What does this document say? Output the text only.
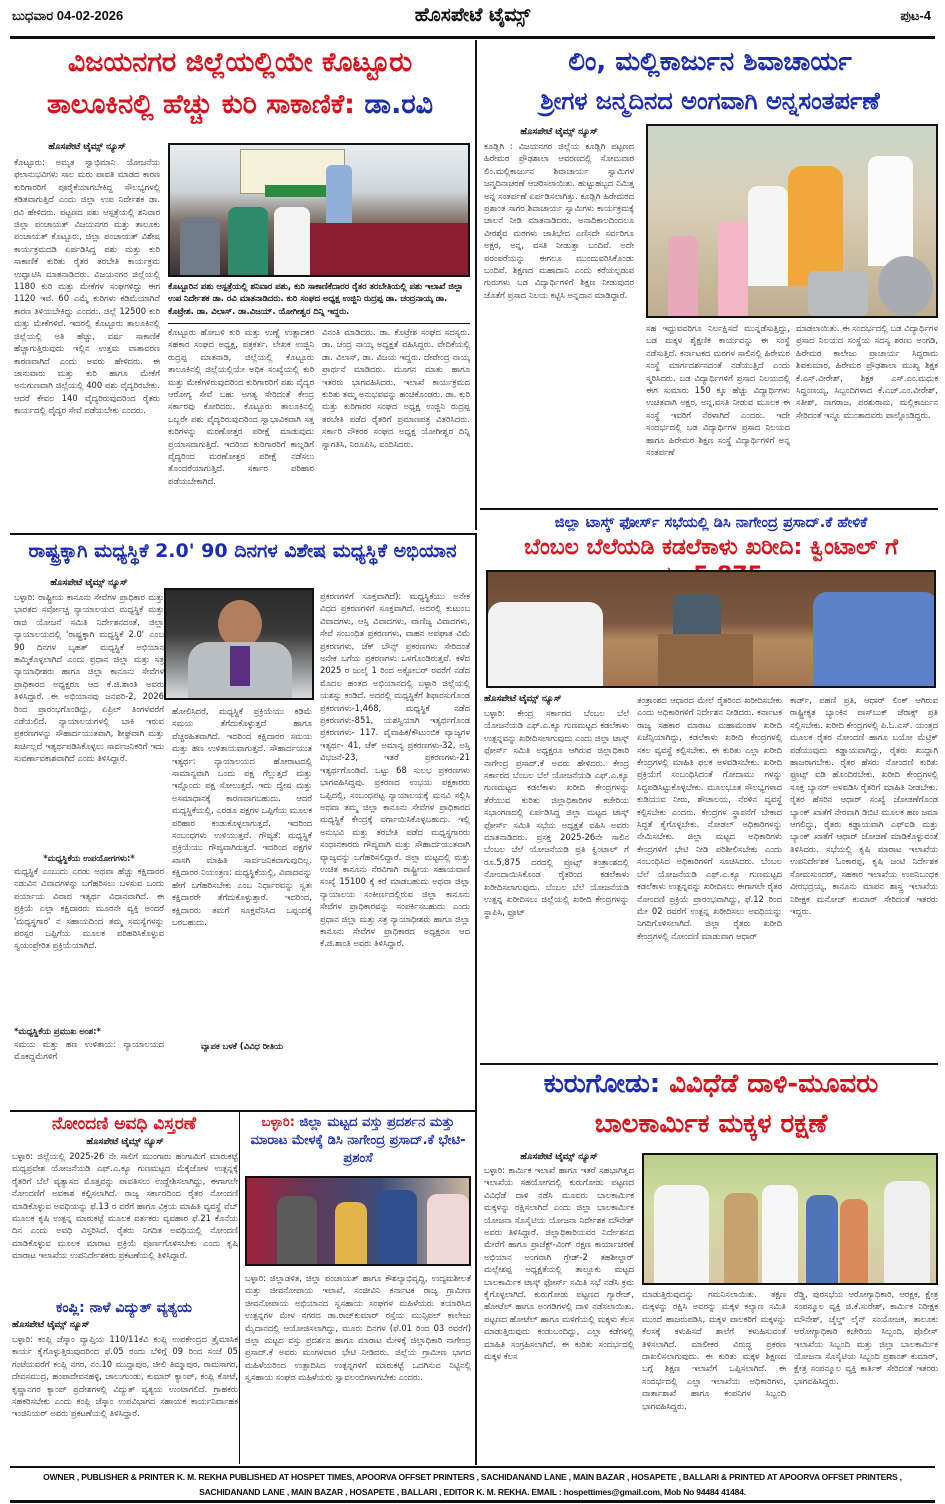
ಬುಧವಾರ 04-02-2026	ಹೊಸಪೇಟೆ ಟೈಮ್ಸ್	ಪುಟ-4
ವಿಜಯನಗರ ಜಿಲ್ಲೆಯಲ್ಲಿಯೇ ಕೊಟ್ಟೂರು
ತಾಲೂಕಿನಲ್ಲಿ ಹೆಚ್ಚು ಕುರಿ ಸಾಕಾಣಿಕೆ: ಡಾ.ರವಿ
ಹೊಸಪೇಟೆ ಟೈಮ್ಸ್ ನ್ಯೂಸ್
ಕೊಟ್ಟೂರು: ಅಮೃತ ಸ್ವಾಭಿಮಾನಿ ಯೋಜನೆಯ ಫಲಾನುಭವಿಗಳು ಸಾಲ ಮರು ಪಾವತಿ ಮಾಡದ ಕಾರಣ ಕುರಿಗಾರರಿಗೆ ಪೂರೈಕೆಯಾಗಬೇಕಿದ್ದ ಸೌಲಭ್ಯಗಳಲ್ಲಿ ಕಡಿತವಾಗುತ್ತಿದೆ ಎಂದು ಜಿಲ್ಲಾ ಉಪ ನಿರ್ದೇಶಕ ಡಾ. ರವಿ ಹೇಳಿದರು. ಪಟ್ಟಣದ ಪಶು ಆಸ್ಪತ್ರೆಯಲ್ಲಿ ಶನಿವಾರ ಜಿಲ್ಲಾ ಪಂಚಾಯತ್ ವಿಜಯನಗರ ಮತ್ತು ತಾಲೂಕು ಪಂಚಾಯತ್ ಕೊಟ್ಟೂರು, ಜಿಲ್ಲಾ ಪಂಚಾಯತ್ ವಿಶೇಷ ಕಾರ್ಯಕ್ರಮದಡಿ ಏರ್ಪಡಿಸಿದ್ದ ಪಶು ಮತ್ತು ಕುರಿ ಸಾಕಾಣಿಕೆ ಕುರಿತು ರೈತರ ತರಬೇತಿ ಕಾರ್ಯಕ್ರಮ ಉದ್ಘಾಟಿಸಿ ಮಾತನಾಡಿದರು. ವಿಜಯನಗರ ಜಿಲ್ಲೆಯಲ್ಲಿ 1180 ಕುರಿ ಮತ್ತು ಮೇಕೆಗಳ ಸಂಘಗಳಿದ್ದು ಈಗ 1120 ಇವೆ. 60 ಎಮ್ಮೆ ಕುರಿಗಳು ಕಡಿಮೆಯಾಗಿವೆ ಕಾರಣ ತಿಳಿಯಬೇಕಿದ್ದು ಎಂದರು. ಜಿಲ್ಲೆ 12500 ಕುರಿ ಮತ್ತು ಮೇಕೆಗಳಿವೆ. ಇದರಲ್ಲಿ ಕೊಟ್ಟೂರು ತಾಲೂಕಿನಲ್ಲಿ ಜಿಲ್ಲೆಯಲ್ಲಿ ಅತಿ ಹೆಚ್ಚು, ವರ್ಷ ಸಾಕಾಣಿಕೆ ಹೆಚ್ಚಾಗುತ್ತಿರುವುದು ಇಲ್ಲಿನ ಉತ್ತಮ ವಾತಾವರಣ ಕಾರಣವಾಗಿದೆ ಎಂದು ಅವರು ಹೇಳಿದರು. ಈ ಜಾನುವಾರು ಮತ್ತು ಕುರಿ ಹಾಗೂ ಮೇಕೆಗೆ ಅನುಗುಣವಾಗಿ ಜಿಲ್ಲೆಯಲ್ಲಿ 400 ಪಶು ವೈದ್ಯರಿರಬೇಕು. ಆದರೆ ಕೇವಲ 140 ವೈದ್ಯರಿರುವುದರಿಂದ ರೈತರು ಕಾರ್ಯದಲ್ಲಿ ವೈದ್ಯರ ಸೇವೆ ಪಡೆಯಬೇಕು ಎಂದರು.
ಕೊಟ್ಟೂರಿನ ಪಶು ಆಸ್ಪತ್ರೆಯಲ್ಲಿ ಶನಿವಾರ ಪಶು, ಕುರಿ ಸಾಕಾಣಿಕೆದಾರರ ರೈತರ ತರಬೇತಿಯಲ್ಲಿ ಪಶು ಇಲಾಖೆ ಜಿಲ್ಲಾ ಉಪ ನಿರ್ದೇಶಕ ಡಾ. ರವಿ ಮಾತನಾಡಿದರು. ಕುರಿ ಸಂಘದ ಅಧ್ಯಕ್ಷ ಉಜ್ಜಿನಿ ರುದ್ರಪ್ಪ ಡಾ. ಚಂದ್ರನಾಯ್ಕ ಡಾ. ಕೊಟ್ರೇಶ. ಡಾ. ವಿಲಾಸ್. ಡಾ.ವಿಜಯ್. ಯೋಗೀಶ್ವರ ದಿನ್ನಿ ಇದ್ದರು.
ಕೊಟ್ಟೂರು ಹೋಬಳಿ ಕುರಿ ಮತ್ತು ಉಣ್ಣೆ ಉತ್ಪಾದಕರ ಸಹಕಾರ ಸಂಘದ ಅಧ್ಯಕ್ಷ, ಪತ್ರಕರ್ತ. ಲೇಖಕ ಉಜ್ಜಿನಿ ರುದ್ರಪ್ಪ ಮಾತನಾಡಿ, ಜಿಲ್ಲೆಯಲ್ಲಿ ಕೊಟ್ಟೂರು ತಾಲೂಕಿನಲ್ಲಿ ಜಿಲ್ಲೆಯಲ್ಲಿಯೇ ಅಧಿಕ ಸಂಖ್ಯೆಯಲ್ಲಿ ಕುರಿ ಮತ್ತು ಮೇಕೆಗಳಿರುವುದರಿಂದ ಕುರಿಗಾರರಿಗೆ ಪಶು ವೈದ್ಯರ ಆರೋಗ್ಯ ಸೇವೆ ಬಹು ಅಗತ್ಯ ಸೇರಿದಂತೆ ಕೇಂದ್ರ ಸರ್ಕಾರವು ಕೋರಿದರು. ಕೊಟ್ಟೂರು ತಾಲೂಕಿನಲ್ಲಿ ಒಬ್ಬರೇ ಪಶು ವೈದ್ಯರಿರುವುದರಿಂದ ಸ್ವಾಭಾವಿಕವಾಗಿ ಸತ್ತ ಕುರಿಗಳನ್ನು ಮರಣೋತ್ತರ ಪರೀಕ್ಷೆ ಮಾಡುವುದು ಪ್ರಯಾಸವಾಗುತ್ತಿದೆ. ಇದರಿಂದ ಕುರಿಗಾರರಿಗೆ ಕಾಲ್ನಡಿಗೆ ವೈದ್ಯರಿಂದ ಮರಣೋತ್ತರ ಪರೀಕ್ಷೆ ನಡೆಸಲು ತೊಂದರೆಯಾಗುತ್ತಿದೆ. ಸರ್ಕಾರ ಪರಿಹಾರ ಪಡೆಯಬೇಕಾಗಿದೆ.
ವಿನಂತಿ ಮಾಡಿದರು. ಡಾ. ಕೊಟ್ರೇಶ ಸಂಘದ ಸದಸ್ಯರು. ಡಾ. ಚಂದ್ರ ನಾಯ್ಕ ಅಧ್ಯಕ್ಷತೆ ವಹಿಸಿದ್ದರು. ವೇದಿಕೆಯಲ್ಲಿ ಡಾ. ವಿಲಾಸ್, ಡಾ. ವಿಜಯ ಇದ್ದರು. ದೇವೇಂದ್ರ ನಾಯ್ಕ ಪ್ರಾರ್ಥನೆ ಮಾಡಿದರು. ಮೂಗನ ಮಾತು ಹಾಗೂ ಇತರರು ಭಾಗವಹಿಸಿದರು. ಇಲಾಖೆ ಕಾರ್ಯಕ್ರಮದ ಕುರಿತು ತಮ್ಮ ಅನುಭವವನ್ನು ಹಂಚಿಕೊಂಡರು. ಡಾ. ಕುರಿ ಮತ್ತು ಕುರಿಗಾರರ ಸಂಘದ ಅಧ್ಯಕ್ಷ ಉಜ್ಜಿನಿ ರುದ್ರಪ್ಪ ತರಬೇತಿ ಪಡೆದ ರೈತರಿಗೆ ಪ್ರಮಾಣಪತ್ರ ವಿತರಿಸಿದರು. ಸರ್ಕಾರಿ ನೌಕರರ ಸಂಘದ ಅಧ್ಯಕ್ಷ ಯೋಗೀಶ್ವರ ದಿನ್ನಿ ಸ್ವಾಗತಿಸಿ, ನಿರೂಪಿಸಿ, ವಂದಿಸಿದರು.
ಲಿಂ, ಮಲ್ಲಿಕಾರ್ಜುನ ಶಿವಾಚಾರ್ಯ
ಶ್ರೀಗಳ ಜನ್ಮದಿನದ ಅಂಗವಾಗಿ ಅನ್ನಸಂತರ್ಪಣೆ
ಹೊಸಪೇಟೆ ಟೈಮ್ಸ್ ನ್ಯೂಸ್
ಕೂಡ್ಲಿಗಿ : ವಿಜಯನಗರ ಜಿಲ್ಲೆಯ ಕೂಡ್ಲಿಗಿ ಪಟ್ಟಣದ ಹಿರೇಮಠ ಪ್ರೌಢಶಾಲಾ ಆವರಣದಲ್ಲಿ ಸೋಮವಾರ ಲಿಂ.ಮಲ್ಲಿಕಾರ್ಜುನ ಶಿವಾಚಾರ್ಯ ಸ್ವಾಮಿಗಳ ಜನ್ಮದಿನಾಚರಣೆ ಆಚರಿಸಲಾಯಿತು. ಹುಟ್ಟುಹಬ್ಬದ ನಿಮಿತ್ತ ಅನ್ನ ಸಂತರ್ಪಣೆ ಏರ್ಪಡಿಸಲಾಗಿತ್ತು. ಕೂಡ್ಲಿಗಿ ಹಿರೇಮಠದ ಪ್ರಶಾಂತ ಸಾಗರ ಶಿವಾಚಾರ್ಯ ಸ್ವಾಮಿಗಳು ಕಾರ್ಯಕ್ರಮಕ್ಕೆ ಚಾಲನೆ ನೀಡಿ ಮಾತನಾಡಿದರು. ಅನಾದಿಕಾಲದಿಂದಲೂ ವೀರಶೈವ ಮಠಗಳು ಜಾತಿಭೇದ ಎಣಿಸದೇ ಸರ್ವರಿಗೂ ಅಕ್ಷರ, ಅನ್ನ, ವಸತಿ ನೀಡುತ್ತಾ ಬಂದಿವೆ. ಅದೇ ಪರಂಪರೆಯನ್ನು ಈಗಲೂ ಮುಂದುವರಿಸಿಕೊಂಡು ಬಂದಿವೆ. ಶಿಕ್ಷಣದ ಮಹಾದಾನಿ ಎಂದು ಕರೆಯಲ್ಪಡುವ ಗುರುಗಳು ಬಡ ವಿದ್ಯಾರ್ಥಿಗಳಿಗೆ ಶಿಕ್ಷಣ ನೀಡುವುದರ ಜೊತೆಗೆ ಪ್ರಸಾದ ನಿಲಯ ಕಟ್ಟಿಸಿ ಅನ್ನದಾನ ಮಾಡಿದ್ದಾರೆ.
ಸಹ ಇದ್ದುವವರಿಗೂ ನಿರ್ಲಕ್ಷಿಸದೆ ಮುನ್ನಡೆಸುತ್ತಿದ್ದು, ಬಡ ಮಕ್ಕಳ ಶೈಕ್ಷಣಿಕ ಕಾರ್ಯವನ್ನು ಈ ಸಂಸ್ಥೆ ನಡೆಸುತ್ತಿದೆ. ಕರ್ನಾಟಕದ ಮಠಗಳ ಸಾಲಿನಲ್ಲಿ ಹಿರೇಮಠ ಸಂಸ್ಥೆ ಮಾರ್ಗದರ್ಶನದಂತೆ ನಡೆಯುತ್ತಿದೆ ಎಂದು ಸ್ಮರಿಸಿದರು. ಬಡ ವಿದ್ಯಾರ್ಥಿಗಳಿಗೆ ಪ್ರಸಾದ ನಿಲಯದಲ್ಲಿ ಈಗ ಸುಮಾರು 150 ಕ್ಕೂ ಹೆಚ್ಚು ವಿದ್ಯಾರ್ಥಿಗಳು ಉಚಿತವಾಗಿ ಅಕ್ಷರ, ಅನ್ನ,ವಸತಿ ನೀಡುವ ಮೂಲಕ ಈ ಸಂಸ್ಥೆ ಇವರಿಗೆ ನೆರಳಾಗಿದೆ ಎಂದರು. ಇದೇ ಸಂದರ್ಭದಲ್ಲಿ ಬಡ ವಿದ್ಯಾರ್ಥಿಗಳ ಪ್ರಸಾದ ನಿಲಯದ ಹಾಗೂ ಹಿರೇಮಠ ಶಿಕ್ಷಣ ಸಂಸ್ಥೆ ವಿದ್ಯಾರ್ಥಿಗಳಿಗೆ ಅನ್ನ ಸಂತರ್ಪಣೆ
ಮಾಡಲಾಯಿತು. ಈ ಸಂದರ್ಭದಲ್ಲಿ ಬಡ ವಿದ್ಯಾರ್ಥಿಗಳ ಪ್ರಸಾದ ನಿಲಯದ ಸಂಸ್ಥೆಯ ಸದಸ್ಯ ಶರಣು ಅಂಗಡಿ, ಹಿರೇಮಠ ಕಾಲೇಜು ಪ್ರಾಚಾರ್ಯ ಸಿದ್ದರಾಮ ಶಿವಕುಮಾರ, ಹಿರೇಮಠ ಪ್ರೌಢಶಾಲಾ ಮುಖ್ಯ ಶಿಕ್ಷಕ ಕೆ.ಎಸ್.ವೀರೇಶ್, ಶಿಕ್ಷಕ ಎಸ್.ಎಂ.ಮಧುಕ ಸಿದ್ದಂಣಯ್ಯ, ಸಿಬ್ಬಂದಿಗಳಾದ ಕೆ.ಎಚ್.ಎಂ.ವೀರೇಶ್, ಸತೀಶ್, ನಾಗರಾಜ, ಪರಶುರಾಮ, ಮಲ್ಲಿಕಾರ್ಜುನ ಸೇರಿದಂತೆ ಇನ್ನೂ ಮುಂತಾದವರು ಪಾಲ್ಗೊಂಡಿದ್ದರು.
ಜಿಲ್ಲಾ ಟಾಸ್ಕ್ ಫೋರ್ಸ್ ಸಭೆಯಲ್ಲಿ ಡಿಸಿ ನಾಗೇಂದ್ರ ಪ್ರಸಾದ್.ಕೆ ಹೇಳಿಕೆ
ಬೆಂಬಲ ಬೆಲೆಯಡಿ ಕಡಲೆಕಾಳು ಖರೀದಿ: ಕ್ವಿಂಟಾಲ್ ಗೆ
ಹೊಸಪೇಟೆ ಟೈಮ್ಸ್ ನ್ಯೂಸ್
ಬಳ್ಳಾರಿ: ಕೇಂದ್ರ ಸರ್ಕಾರದ ಬೆಂಬಲ ಬೆಲೆ ಯೋಜನೆಯಡಿ ಎಫ್.ಎ.ಕ್ಯೂ ಗುಣಮಟ್ಟದ ಕಡಲೆಕಾಳು ಉತ್ಪನ್ನವನ್ನು ಖರೀದಿಸಲಾಗುವುದು ಎಂದು ಜಿಲ್ಲಾ ಟಾಸ್ಕ್ ಫೋರ್ಸ್ ಸಮಿತಿ ಅಧ್ಯಕ್ಷರೂ ಆಗಿರುವ ಜಿಲ್ಲಾಧಿಕಾರಿ ನಾಗೇಂದ್ರ ಪ್ರಸಾದ್.ಕೆ ಅವರು ಹೇಳಿದರು. ಕೇಂದ್ರ ಸರ್ಕಾರದ ಬೆಂಬಲ ಬೆಲೆ ಯೋಜನೆಯಡಿ ಎಫ್.ಎ.ಕ್ಯೂ ಗುಣಮಟ್ಟದ ಕಡಲೆಕಾಳು ಖರೀದಿ ಕೇಂದ್ರಗಳನ್ನು ತೆರೆಯುವ ಕುರಿತು ಜಿಲ್ಲಾಧಿಕಾರಿಗಳ ಕಚೇರಿಯ ಸಭಾಂಗಣದಲ್ಲಿ ಏರ್ಪಡಿಸಿದ್ದ ಜಿಲ್ಲಾ ಮಟ್ಟದ ಟಾಸ್ಕ್ ಫೋರ್ಸ್ ಸಮಿತಿ ಸಭೆಯ ಅಧ್ಯಕ್ಷತೆ ವಹಿಸಿ ಅವರು ಮಾತನಾಡಿದರು. ಪ್ರಸಕ್ತ 2025-26ನೇ ಸಾಲಿನ ಬೆಂಬಲ ಬೆಲೆ ಯೋಜನೆಯಡಿ ಪ್ರತಿ ಕ್ವಿಂಟಾಲ್ ಗೆ ರೂ.5,875 ದರದಲ್ಲಿ ಪ್ರೂಟ್ಸ್ ತಂತ್ರಾಂಶದಲ್ಲಿ ನೋಂದಾಯಿಸಿಕೊಂಡ ರೈತರಿಂದ ಕಡಲೆಕಾಳು ಖರೀದಿಸಲಾಗುವುದು. ಬೆಂಬಲ ಬೆಲೆ ಯೋಜನೆಯಡಿ ಉತ್ಪನ್ನ ಖರೀದಿಸಲು ಜಿಲ್ಲೆಯಲ್ಲಿ ಖರೀದಿ ಕೇಂದ್ರಗಳನ್ನು ಸ್ಥಾಪಿಸಿ, ಫ್ರೂಟ್
ತಂತ್ರಾಂಶದ ಆಧಾರದ ಮೇಲೆ ರೈತರಿಂದ ಖರೀದಿಸಬೇಕು ಎಂದು ಅಧಿಕಾರಿಗಳಿಗೆ ನಿರ್ದೇಶನ ನೀಡಿದರು. ಕರ್ನಾಟಕ ರಾಜ್ಯ ಸಹಕಾರ ಮಾರಾಟ ಮಹಾಮಂಡಳ ಖರೀದಿ ಏಜೆನ್ಸಿಯಾಗಿದ್ದು, ಕಡಲೆಕಾಳು ಖರೀದಿ ಕೇಂದ್ರಗಳಲ್ಲಿ ಸಕಲ ವ್ಯವಸ್ಥೆ ಕಲ್ಪಿಸಬೇಕು. ಈ ಕುರಿತು ಎಲ್ಲಾ ಖರೀದಿ ಕೇಂದ್ರಗಳಲ್ಲಿ ಮಾಹಿತಿ ಫಲಕ ಅಳವಡಿಸಬೇಕು. ಖರೀದಿ ಪ್ರಕ್ರಿಯೆಗೆ ಸಂಬಂಧಿಸಿದಂತೆ ಗೋದಾಮು ಗಳನ್ನು ಸಿದ್ಧಪಡಿಸಿಟ್ಟುಕೊಳ್ಳಬೇಕು. ಮೂಲಭೂತ ಸೌಲಭ್ಯಗಳಾದ ಕುಡಿಯುವ ನೀರು, ಶೌಚಾಲಯ, ನೆರಳಿನ ವ್ಯವಸ್ಥೆ ಕಲ್ಪಿಸಬೇಕು ಎಂದರು. ಕೇಂದ್ರಗಳ ಸ್ಥಾಪನೆಗೆ ಬೇಕಾದ ಸಿದ್ಧತೆ ಕೈಗೊಳ್ಳಬೇಕು. ನೋಡಲ್ ಅಧಿಕಾರಿಗಳನ್ನು ನೇಮಿಸಬೇಕು. ಜಿಲ್ಲಾ ಮಟ್ಟದ ಅಧಿಕಾರಿಗಳು ಕೇಂದ್ರಗಳಿಗೆ ಭೇಟಿ ನೀಡಿ ಪರಿಶೀಲಿಸಬೇಕು ಎಂದು ಸಂಬಂಧಿಸಿದ ಅಧಿಕಾರಿಗಳಿಗೆ ಸೂಚಿಸಿದರು. ಬೆಂಬಲ ಬೆಲೆ ಯೋಜನೆಯಡಿ ಎಫ್.ಎ.ಕ್ಯೂ ಗುಣಮಟ್ಟದ ಕಡಲೆಕಾಳು ಉತ್ಪನ್ನವನ್ನು ಖರೀದಿಸಲು ಈಗಾಗಲೇ ರೈತರ ನೋಂದಣಿ ಪ್ರಕ್ರಿಯೆ ಪ್ರಾರಂಭವಾಗಿದ್ದು, ಫೆ.12 ರಿಂದ ಮೇ 02 ರವರೆಗೆ ಉತ್ಪನ್ನ ಖರೀದಿಸಲು ಅವಧಿಯನ್ನು ನಿಗದಿಗೊಳಿಸಲಾಗಿದೆ. ಜಿಲ್ಲಾ ರೈತರು ಖರೀದಿ ಕೇಂದ್ರಗಳಲ್ಲಿ ನೋಂದಣಿ ಮಾಡುವಾಗ ಆಧಾರ್
ಕಾರ್ಡ್, ಪಹಣಿ ಪ್ರತಿ, ಆಧಾರ್ ಲಿಂಕ್ ಆಗಿರುವ ರಾಷ್ಟ್ರೀಕೃತ ಬ್ಯಾಂಕಿನ ಪಾಸ್‌ಬುಕ್ ಜೆರಾಕ್ಸ್ ಪ್ರತಿ ಸಲ್ಲಿಸಬೇಕು. ಖರೀದಿ ಕೇಂದ್ರಗಳಲ್ಲಿ ಪಿ.ಓ.ಎಸ್. ಯಂತ್ರದ ಮೂಲಕ ರೈತರ ನೋಂದಣಿ ಹಾಗೂ ಬಯೋ ಮೆಟ್ರಿಕ್ ಪಡೆಯುವುದು ಕಡ್ಡಾಯವಾಗಿದ್ದು, ರೈತರು ಖುದ್ದಾಗಿ ಹಾಜರಾಗಬೇಕು. ರೈತರ ಹೆಸರು ನೋಂದಣಿ ಕುರಿತು ಫ್ರೂಟ್ಸ್ ಐಡಿ ಹೊಂದಿರಬೇಕು. ಖರೀದಿ ಕೇಂದ್ರಗಳಲ್ಲಿ ಸೂಕ್ತ ಬ್ಯಾನರ್ ಅಳವಡಿಸಿ ರೈತರಿಗೆ ಮಾಹಿತಿ ನೀಡಬೇಕು. ರೈತರ ಹೆಸರಿನ ಆಧಾರ್ ಸಂಖ್ಯೆ ಜೋಡಣೆಗೊಂಡ ಬ್ಯಾಂಕ್ ಖಾತೆಗೆ ನೇರವಾಗಿ ಡಿಬಿಟಿ ಮೂಲಕ ಹಣ ಜಮಾ ಆಗಲಿದ್ದು, ರೈತರು ಕಡ್ಡಾಯವಾಗಿ ಎಫ್ಐಡಿ ಮತ್ತು ಬ್ಯಾಂಕ್ ಖಾತೆಗೆ ಆಧಾರ್ ಜೋಡಣೆ ಮಾಡಿಕೊಳ್ಳುವಂತೆ ತಿಳಿಸಿದರು. ಸಭೆಯಲ್ಲಿ ಕೃಷಿ ಮಾರಾಟ ಇಲಾಖೆಯ ಉಪನಿರ್ದೇಶಕ ಓಂಕಾರಪ್ಪ, ಕೃಷಿ ಜಂಟಿ ನಿರ್ದೇಶಕ ಸೋಮಸುಂದರ್, ಸಹಕಾರ ಇಲಾಖೆಯ ಉಪನಿಬಂಧಕ ವೀರಭದ್ರಯ್ಯ, ಕಾನೂನು ಮಾಪನ ಶಾಸ್ತ್ರ ಇಲಾಖೆಯ ನಿರೀಕ್ಷಕ ಮನೋಜ್ ಕುಮಾರ್ ಸೇರಿದಂತೆ ಇತರರು ಇದ್ದರು.
ರಾಷ್ಟ್ರಕ್ಕಾಗಿ ಮಧ್ಯಸ್ಥಿಕೆ 2.0' 90 ದಿನಗಳ ವಿಶೇಷ ಮಧ್ಯಸ್ಥಿಕೆ ಅಭಿಯಾನ
ಹೊಸಪೇಟೆ ಟೈಮ್ಸ್ ನ್ಯೂಸ್
ಬಳ್ಳಾರಿ: ರಾಷ್ಟ್ರೀಯ ಕಾನೂನು ಸೇವೆಗಳ ಪ್ರಾಧಿಕಾರ ಮತ್ತು ಭಾರತದ ಸರ್ವೋಚ್ಚ ನ್ಯಾಯಾಲಯದ ಮಧ್ಯಸ್ಥಿಕೆ ಮತ್ತು ರಾಜಿ ಯೋಜನೆ ಸಮಿತಿ ನಿರ್ದೇಶನದಂತೆ, ಜಿಲ್ಲಾ ನ್ಯಾಯಾಲಯದಲ್ಲಿ 'ರಾಷ್ಟ್ರಕ್ಕಾಗಿ ಮಧ್ಯಸ್ಥಿಕೆ 2.0' ಎಂಬ 90 ದಿನಗಳ ಬೃಹತ್ ಮಧ್ಯಸ್ಥಿಕೆ ಅಭಿಯಾನ ಹಮ್ಮಿಕೊಳ್ಳಲಾಗಿದೆ ಎಂದು ಪ್ರಧಾನ ಜಿಲ್ಲಾ ಮತ್ತು ಸತ್ರ ನ್ಯಾಯಾಧೀಶರು ಹಾಗೂ ಜಿಲ್ಲಾ ಕಾನೂನು ಸೇವೆಗಳ ಪ್ರಾಧಿಕಾರದ ಅಧ್ಯಕ್ಷರೂ ಆದ ಕೆ.ಜಿ.ಶಾಂತಿ ಅವರು ತಿಳಿಸಿದ್ದಾರೆ. ಈ ಅಭಿಯಾನವು ಜನವರಿ-2, 2026 ರಿಂದ ಪ್ರಾರಂಭಗೊಂಡಿದ್ದು, ಏಪ್ರಿಲ್ ತಿಂಗಳವರೆಗೆ ನಡೆಯಲಿದೆ. ನ್ಯಾಯಾಲಯಗಳಲ್ಲಿ ಬಾಕಿ ಇರುವ ಪ್ರಕರಣಗಳನ್ನು ಸೌಹಾರ್ದಯುತವಾಗಿ, ಶೀಘ್ರವಾಗಿ ಮತ್ತು ಖರ್ಚಿಲ್ಲದೆ ಇತ್ಯರ್ಥಪಡಿಸಿಕೊಳ್ಳಲು ಸಾರ್ವಜನಿಕರಿಗೆ ಇದು ಸುವರ್ಣಾವಕಾಶವಾಗಿದೆ ಎಂದು ತಿಳಿಸಿದ್ದಾರೆ.
*ಮಧ್ಯಸ್ಥಿಕೆಯ ಉಪಯೋಗಗಳು:*
ಮಧ್ಯಸ್ಥಿಕೆ ಎಂಬುದು ಎರಡು ಅಥವಾ ಹೆಚ್ಚು ಕಕ್ಷಿದಾರರ ನಡುವಿನ ವಿವಾದಗಳನ್ನು ಬಗೆಹರಿಸಲು ಬಳಸುವ ಒಂದು ಪರ್ಯಾಯ ವಿವಾದ ಇತ್ಯರ್ಥ ವಿಧಾನವಾಗಿದೆ. ಈ ಪ್ರಕ್ರಿಯೆ ಎಲ್ಲಾ ಕಕ್ಷಿದಾರರು ಮೂರನೇ ವ್ಯಕ್ತಿ ಅಂದರೆ 'ಮಧ್ಯಸ್ಥಗಾರ' ನ ಸಹಾಯದಿಂದ ತಮ್ಮ ಸಮಸ್ಯೆಗಳನ್ನು ಪರಸ್ಪರ ಒಪ್ಪಿಗೆಯ ಮೂಲಕ ಪರಿಹರಿಸಿಕೊಳ್ಳುವ ಸ್ವಯಂಪ್ರೇರಿತ ಪ್ರಕ್ರಿಯೆಯಾಗಿದೆ.
*ಮಧ್ಯಸ್ಥಿಕೆಯ ಪ್ರಮುಖ ಅಂಶ:*
ಸಮಯ ಮತ್ತು ಹಣ ಉಳಿತಾಯ: ನ್ಯಾಯಾಲಯದ ಮೊಕದ್ದಮೆಗಳಿಗೆ
ಹೋಲಿಸಿದರೆ, ಮಧ್ಯಸ್ಥಿಕೆ ಪ್ರಕ್ರಿಯೆಯು ಕಡಿಮೆ ಸಮಯ ತೆಗೆದುಕೊಳ್ಳುತ್ತದೆ ಹಾಗೂ ವೆಚ್ಚರಹಿತವಾಗಿದೆ. ಇದರಿಂದ ಕಕ್ಷಿದಾರರ ಸಮಯ ಮತ್ತು ಹಣ ಉಳಿತಾಯವಾಗುತ್ತದೆ. ಸೌಹಾರ್ದಯುತ ಇತ್ಯರ್ಥ: ನ್ಯಾಯಾಲಯದ ಹೋರಾಟದಲ್ಲಿ ಸಾಮಾನ್ಯವಾಗಿ ಒಂದು ಪಕ್ಷ ಗೆಲ್ಲುತ್ತದೆ ಮತ್ತು ಇನ್ನೊಂದು ಪಕ್ಷ ಸೋಲುತ್ತದೆ. ಇದು ದ್ವೇಷ ಮತ್ತು ಅಸಮಾಧಾನಕ್ಕೆ ಕಾರಣವಾಗಬಹುದು. ಆದರೆ ಮಧ್ಯಸ್ಥಿಕೆಯಲ್ಲಿ, ಎರಡೂ ಪಕ್ಷಗಳ ಒಪ್ಪಿಗೆಯ ಮೂಲಕ ಪರಿಹಾರ ಕಂಡುಕೊಳ್ಳಲಾಗುತ್ತದೆ. ಇದರಿಂದ ಸಂಬಂಧಗಳು ಉಳಿಯುತ್ತವೆ. ಗೌಪ್ಯತೆ: ಮಧ್ಯಸ್ಥಿಕೆ ಪ್ರಕ್ರಿಯೆಯು ಗೌಪ್ಯವಾಗಿರುತ್ತದೆ. ಇದರಿಂದ ಪಕ್ಷಗಳ ಖಾಸಗಿ ಮಾಹಿತಿ ಸಾರ್ವಜನಿಕವಾಗುವುದಿಲ್ಲ. ಕಕ್ಷಿದಾರರ ನಿಯಂತ್ರಣ: ಮಧ್ಯಸ್ಥಿಕೆಯಲ್ಲಿ, ವಿವಾದವನ್ನು ಹೇಗೆ ಬಗೆಹರಿಸಬೇಕು ಎಂಬ ನಿರ್ಧಾರವನ್ನು ಸ್ವತಃ ಕಕ್ಷಿದಾರರೇ ತೆಗೆದುಕೊಳ್ಳುತ್ತಾರೆ. ಇದರಿಂದ, ಕಕ್ಷಿದಾರರು ತಮಗೆ ಸೂಕ್ತವೆನಿಸಿದ ಒಪ್ಪಂದಕ್ಕೆ ಬರಬಹುದು.
ವ್ಯಾಪಕ ಬಳಕೆ (ವಿವಿಧ ರೀತಿಯ
ಪ್ರಕರಣಗಳಿಗೆ ಸೂಕ್ತವಾಗಿದೆ): ಮಧ್ಯಸ್ಥಿಕೆಯು ಅನೇಕ ವಿಧದ ಪ್ರಕರಣಗಳಿಗೆ ಸೂಕ್ತವಾಗಿದೆ. ಅದರಲ್ಲಿ ಕುಟುಂಬ ವಿವಾದಗಳು, ಆಸ್ತಿ ವಿವಾದಗಳು, ವಾಣಿಜ್ಯ ವಿವಾದಗಳು, ಸೇವೆ ಸಂಬಂಧಿತ ಪ್ರಕರಣಗಳು, ವಾಹನ ಅಪಘಾತ ವಿಮೆ ಪ್ರಕರಣಗಳು, ಚೆಕ್ ಬೌನ್ಸ್ ಪ್ರಕರಣಗಳು ಸೇರಿದಂತೆ ಅನೇಕ ಬಗೆಯ ಪ್ರಕರಣಗಳು ಒಳಗೊಂಡಿರುತ್ತವೆ. ಕಳೆದ 2025 ರ ಜುಲೈ 1 ರಿಂದ ಅಕ್ಟೋಬರ್ ರವರೆಗೆ ನಡೆದ ಮೊದಲ ಹಂತದ ಅಭಿಯಾನದಲ್ಲಿ ಬಳ್ಳಾರಿ ಜಿಲ್ಲೆಯಲ್ಲಿ ಯಶಸ್ಸು ಕಂಡಿದೆ. ಅದರಲ್ಲಿ ಮಧ್ಯಸ್ಥಿಕೆಗೆ ಶಿಫಾರಸುಗೊಂಡ ಪ್ರಕರಣಗಳು-1,468, ಮಧ್ಯಸ್ಥಿಕೆ ನಡೆದ ಪ್ರಕರಣಗಳು-851, ಯಶಸ್ವಿಯಾಗಿ ಇತ್ಯರ್ಥಗೊಂಡ ಪ್ರಕರಣಗಳು- 117. ವೈವಾಹಿಕ/ಕೌಟುಂಬಿಕ ವ್ಯಾಜ್ಯಗಳ ಇತ್ಯರ್ಥ- 41, ಚೆಕ್ ಅಮಾನ್ಯ ಪ್ರಕರಣಗಳು-32, ಅಸ್ತಿ ವಿಭಜನೆ-23, ಇತರೆ ಪ್ರಕರಣಗಳು-21 ಇತ್ಯರ್ಥಗೊಂಡಿವೆ. ಒಟ್ಟು 68 ಸುಲಭ ಪ್ರಕರಣಗಳು ಭಾಗವಹಿಸಿದ್ದವು. ಪ್ರಕರಣದ ಉಭಯ ಪಕ್ಷಕಾರರು ಒಪ್ಪಿದಲ್ಲಿ, ಸಂಬಂಧಪಟ್ಟ ನ್ಯಾಯಾಲಯಕ್ಕೆ ಮನವಿ ಸಲ್ಲಿಸಿ ಅಥವಾ ತಮ್ಮ ಜಿಲ್ಲಾ ಕಾನೂನು ಸೇವೆಗಳ ಪ್ರಾಧಿಕಾರದ ಮಧ್ಯಸ್ಥಿಕೆ ಕೇಂದ್ರಕ್ಕೆ ವರ್ಗಾಯಿಸಿಕೊಳ್ಳಬಹುದು. ಇಲ್ಲಿ ಅನುಭವಿ ಮತ್ತು ತರಬೇತಿ ಪಡೆದ ಮಧ್ಯಸ್ಥಗಾರರು ಸಂಧಾನಕಾರರು ಗೌಪ್ಯವಾಗಿ ಮತ್ತು ಸೌಹಾರ್ದಯುತವಾಗಿ ವ್ಯಾಜ್ಯವನ್ನು ಬಗೆಹರಿಸಲಿದ್ದಾರೆ. ಜಿಲ್ಲಾ ಮಟ್ಟದಲ್ಲಿ ಮತ್ತು ಉಚಿತ ಕಾನೂನು ನೆರವಿಗಾಗಿ ರಾಷ್ಟ್ರೀಯ ಸಹಾಯವಾಣಿ ಸಂಖ್ಯೆ 15100 ಕ್ಕೆ ಕರೆ ಮಾಡಬಹುದು ಅಥವಾ ಜಿಲ್ಲಾ ನ್ಯಾಯಾಲಯ ಸಂಕೀರ್ಣದಲ್ಲಿರುವ ಜಿಲ್ಲಾ ಕಾನೂನು ಸೇವೆಗಳ ಪ್ರಾಧಿಕಾರವನ್ನು ಸಂಪರ್ಕಿಸಬಹುದು ಎಂದು ಪ್ರಧಾನ ಜಿಲ್ಲಾ ಮತ್ತು ಸತ್ರ ನ್ಯಾಯಾಧೀಶರು ಹಾಗೂ ಜಿಲ್ಲಾ ಕಾನೂನು ಸೇವೆಗಳ ಪ್ರಾಧಿಕಾರದ ಅಧ್ಯಕ್ಷರೂ ಆದ ಕೆ.ಜಿ.ಶಾಂತಿ ಅವರು ತಿಳಿಸಿದ್ದಾರೆ.
ನೋಂದಣಿ ಅವಧಿ ವಿಸ್ತರಣೆ
ಹೊಸಪೇಟೆ ಟೈಮ್ಸ್ ನ್ಯೂಸ್
ಬಳ್ಳಾರಿ: ಜಿಲ್ಲೆಯಲ್ಲಿ 2025-26 ನೇ ಸಾಲಿಗೆ ಮುಂಗಾರು ಹಂಗಾಮಿಗೆ ಮಾರುಕಟ್ಟೆ ಮಧ್ಯಪ್ರವೇಶ ಯೋಜನೆಯಡಿ ಎಫ್.ಎ.ಕ್ಯೂ ಗುಣಮಟ್ಟದ ಮೆಕ್ಕೆಜೋಳ ಉತ್ಪನ್ನಕ್ಕೆ ರೈತರಿಗೆ ಬೆಲೆ ವ್ಯತ್ಯಾಸದ ಮೊತ್ತವನ್ನು ಪಾವತಿಸಲು ಉದ್ದೇಶಿಸಲಾಗಿದ್ದು, ಈಗಾಗಲೇ ನೋಂದಣಿಗೆ ಅವಕಾಶ ಕಲ್ಪಿಸಲಾಗಿದೆ. ರಾಜ್ಯ ಸರ್ಕಾರದಿಂದ ರೈತರ ನೋಂದಣಿ ಮಾಡಿಕೊಳ್ಳುವ ಅವಧಿಯನ್ನು ಫೆ.13 ರ ವರೆಗೆ ಹಾಗೂ ವಿಕ್ರಯ ಮಾಹಿತಿ ವ್ಯವಸ್ಥೆ ವೆಬ್ ಮೂಲಕ ಕೃಷಿ ಉತ್ಪನ್ನ ಮಾರುಕಟ್ಟೆ ಮೂಲಕ ವರ್ತಕರು ವ್ಯವಹಾರ ಫೆ.21 ಕೊನೆಯ ದಿನ ಎಂದು ಅವಧಿ ವಿಸ್ತರಿಸಿದೆ. ರೈತರು ನಿಗದಿತ ಅವಧಿಯಲ್ಲಿ ನೋಂದಣಿ ಮಾಡಿಕೊಳ್ಳುವ ಮೂಲಕ ಮಾರಾಟ ಪ್ರಕ್ರಿಯೆ ಪೂರ್ಣಗೊಳಿಸಬೇಕು ಎಂದು ಕೃಷಿ ಮಾರಾಟ ಇಲಾಖೆಯ ಉಪನಿರ್ದೇಶಕರು ಪ್ರಕಟಣೆಯಲ್ಲಿ ತಿಳಿಸಿದ್ದಾರೆ.
ಕಂಪ್ಲಿ: ನಾಳೆ ವಿದ್ಯುತ್ ವ್ಯತ್ಯಯ
ಹೊಸಪೇಟೆ ಟೈಮ್ಸ್ ನ್ಯೂಸ್
ಬಳ್ಳಾರಿ: ಕಂಪ್ಲಿ ಜೆಸ್ಕಾಂ ವ್ಯಾಪ್ತಿಯ 110/11ಕೆವಿ ಕಂಪ್ಲಿ ಉಪಕೇಂದ್ರದ ತ್ರೈಮಾಸಿಕ ಕಾರ್ಯ ಕೈಗೊಳ್ಳುತ್ತಿರುವುದರಿಂದ ಫೆ.05 ರಂದು ಬೆಳಿಗ್ಗೆ 09 ರಿಂದ ಸಂಜೆ 05 ಗಂಟೆಯವರೆಗೆ ಕಂಪ್ಲಿ ನಗರ, ನಂ.10 ಮುದ್ದಾಪುರ, ಜೀಲಿ ತಿಮ್ಮಾಪುರ, ರಾಮಸಾಗರ, ದೇವಸಮುದ್ರ, ಹಂಪಾದೇವನಹಳ್ಳಿ, ಚಾಲುಗುಂಡು, ಕುಮಾರ್ ಕ್ಯಾಂಪ್, ಕಂಪ್ಲಿ ಕೋಟೆ, ಕೃಷ್ಣಾನಗರ ಕ್ಯಾಂಪ್ ಪ್ರದೇಶಗಳಲ್ಲಿ ವಿದ್ಯುತ್ ವ್ಯತ್ಯಯ ಉಂಟಾಗಲಿದೆ. ಗ್ರಾಹಕರು ಸಹಕರಿಸಬೇಕು ಎಂದು ಕಂಪ್ಲಿ ಜೆಸ್ಕಾಂ ಉಪವಿಭಾಗದ ಸಹಾಯಕ ಕಾರ್ಯನಿರ್ವಾಹಕ ಇಂಜಿನಿಯರ್ ಅವರು ಪ್ರಕಟಣೆಯಲ್ಲಿ ತಿಳಿಸಿದ್ದಾರೆ.
ಬಳ್ಳಾರಿ: ಜಿಲ್ಲಾ ಮಟ್ಟದ ವಸ್ತು ಪ್ರದರ್ಶನ ಮತ್ತು ಮಾರಾಟ ಮೇಳಕ್ಕೆ ಡಿಸಿ ನಾಗೇಂದ್ರ ಪ್ರಸಾದ್.ಕೆ ಭೇಟಿ-ಪ್ರಶಂಸೆ
ಬಳ್ಳಾರಿ: ಜಿಲ್ಲಾಡಳಿತ, ಜಿಲ್ಲಾ ಪಂಚಾಯತ್ ಹಾಗೂ ಕೌಶಲ್ಯಾಭಿವೃದ್ಧಿ, ಉದ್ಯಮಶೀಲತೆ ಮತ್ತು ಜೀವನೋಪಾಯ ಇಲಾಖೆ, ಸಂಜೀವಿನಿ ಕರ್ನಾಟಕ ರಾಜ್ಯ ಗ್ರಾಮೀಣ ಜೀವನೋಪಾಯ ಅಭಿಯಾನದ ಸ್ವಸಹಾಯ ಸಂಘಗಳ ಮಹಿಳೆಯರು ತಯಾರಿಸಿದ ಉತ್ಪನ್ನಗಳ ಮೇಳ ನಗರದ ಡಾ.ರಾಜ್‌ಕುಮಾರ್ ರಸ್ತೆಯ ಮುನ್ಸಿಪಲ್ ಕಾಲೇಜು ಮೈದಾನದಲ್ಲಿ ಆಯೋಜಿಸಲಾಗಿದ್ದು, ಮೂರು ದಿನಗಳ (ಫೆ.01 ರಿಂದ 03 ರವರೆಗೆ) ಜಿಲ್ಲಾ ಮಟ್ಟದ ವಸ್ತು ಪ್ರದರ್ಶನ ಹಾಗೂ ಮಾರಾಟ ಮೇಳಕ್ಕೆ ಜಿಲ್ಲಾಧಿಕಾರಿ ನಾಗೇಂದ್ರ ಪ್ರಸಾದ್.ಕೆ ಅವರು ಮಂಗಳವಾರ ಭೇಟಿ ನೀಡಿದರು. ಜಿಲ್ಲೆಯ ಗ್ರಾಮೀಣ ಭಾಗದ ಮಹಿಳೆಯರಿಂದ ಉತ್ಪಾದಿಸಿದ ಉತ್ಪನ್ನಗಳಿಗೆ ಮಾರುಕಟ್ಟೆ ಒದಗಿಸುವ ನಿಟ್ಟಿನಲ್ಲಿ ಸ್ವಸಹಾಯ ಸಂಘದ ಮಹಿಳೆಯರು ಸ್ವಾವಲಂಬಿಗಳಾಗಬೇಕು ಎಂದರು.
ಕುರುಗೋಡು: ವಿವಿಧೆಡೆ ದಾಳಿ-ಮೂವರು
ಬಾಲಕಾರ್ಮಿಕ ಮಕ್ಕಳ ರಕ್ಷಣೆ
ಹೊಸಪೇಟೆ ಟೈಮ್ಸ್ ನ್ಯೂಸ್
ಬಳ್ಳಾರಿ: ಕಾರ್ಮಿಕ ಇಲಾಖೆ ಹಾಗೂ ಇತರೆ ಸಹಭಾಗಿತ್ವದ ಇಲಾಖೆಯ ಸಹಯೋಗದಲ್ಲಿ ಕುರುಗೋಡು ಪಟ್ಟಣದ ವಿವಿಧೆಡೆ ದಾಳಿ ನಡೆಸಿ ಮೂವರು ಬಾಲಕಾರ್ಮಿಕ ಮಕ್ಕಳನ್ನು ರಕ್ಷಿಸಲಾಗಿದೆ ಎಂದು ಜಿಲ್ಲಾ ಬಾಲಕಾರ್ಮಿಕ ಯೋಜನಾ ಸೊಸೈಟಿಯ ಯೋಜನಾ ನಿರ್ದೇಶಕ ಮೌನೇಶ್ ಅವರು ತಿಳಿಸಿದ್ದಾರೆ. ಜಿಲ್ಲಾಧಿಕಾರಿಯವರ ನಿರ್ದೇಶನದ ಮೇರೆಗೆ ಹಾಗೂ ಪ್ರಾಜೆಕ್ಟ್-ವಿಂಗ್ ರಕ್ಷಣ ಕಾರ್ಯಾಚರಣೆ ಅಭಿಯಾನ ಅಂಗವಾಗಿ ಗ್ರೇಡ್-2 ತಹಶೀಲ್ದಾರ್ ಮಲ್ಲೇಶಪ್ಪ ಅಧ್ಯಕ್ಷತೆಯಲ್ಲಿ ತಾಲ್ಲೂಕು ಮಟ್ಟದ ಬಾಲಕಾರ್ಮಿಕ ಟಾಸ್ಕ್ ಫೋರ್ಸ್ ಸಮಿತಿ ಸಭೆ ನಡೆಸಿ ಕ್ರಮ ಕೈಗೊಳ್ಳಲಾಗಿದೆ. ಕುರುಗೋಡು ಪಟ್ಟಣದ ಗ್ಯಾರೇಜ್, ಹೋಟೆಲ್ ಹಾಗೂ ಅಂಗಡಿಗಳಲ್ಲಿ ದಾಳಿ ನಡೆಸಲಾಯಿತು. ಪಟ್ಟಣದ ಹೋಟೆಲ್ ಹಾಗೂ ಮಳಿಗೆಯಲ್ಲಿ ಮಕ್ಕಳು ಕೆಲಸ ಮಾಡುತ್ತಿರುವುದು ಕಂಡುಬಂದಿದ್ದು, ಎಲ್ಲಾ ಕಡೆಗಳಲ್ಲಿ ಮಾಹಿತಿ ಸಂಗ್ರಹಿಸಲಾಗಿದೆ. ಈ ಕುರಿತು ಸಂದರ್ಭದಲ್ಲಿ ಮಕ್ಕಳ ಕೆಲಸ
ಮಾಡುತ್ತಿರುವುದನ್ನು ಗಮನಿಸಲಾಯಿತು. ತಕ್ಷಣ ಮಕ್ಕಳನ್ನು ರಕ್ಷಿಸಿ ಅವರನ್ನು ಮಕ್ಕಳ ಕಲ್ಯಾಣ ಸಮಿತಿ ಮುಂದೆ ಹಾಜರುಪಡಿಸಿ, ಮಕ್ಕಳ ಪಾಲಕರಿಗೆ ಮಕ್ಕಳನ್ನು ಕೆಲಸಕ್ಕೆ ಕಳುಹಿಸದೆ ಶಾಲೆಗೆ ಕಳುಹಿಸುವಂತೆ ತಿಳಿಸಲಾಗಿದೆ. ಮಾಲೀಕರ ವಿರುದ್ಧ ಪ್ರಕರಣ ದಾಖಲಿಸಲಾಗುವುದು. ಈ ಕುರಿತು ಮಕ್ಕಳ ಶಿಕ್ಷಣದ ಬಗ್ಗೆ ಶಿಕ್ಷಣ ಇಲಾಖೆಗೆ ಒಪ್ಪಿಸಲಾಗಿದೆ. ಈ ಸಂದರ್ಭದಲ್ಲಿ ಎಲ್ಲಾ ಇಲಾಖೆಯ ಅಧಿಕಾರಿಗಳು, ವಾರ್ತಾಶಾಖೆ ಹಾಗೂ ಕಂಪನಿಗಳ ಸಿಬ್ಬಂದಿ ಭಾಗವಹಿಸಿದ್ದರು.
ರೆಡ್ಡಿ, ಪುರಸಭೆಯ ಆರೋಗ್ಯಾಧಿಕಾರಿ, ಆರಕ್ಷಕ, ಕ್ಷೇತ್ರ ಸಂಪನ್ಮೂಲ ವ್ಯಕ್ತಿ ಜಿ.ಕೆ.ಸುರೇಶ್, ಕಾರ್ಮಿಕ ನಿರೀಕ್ಷಕ ಮೌನೇಶ್, ಚೈಲ್ಡ್ ಲೈನ್ ಸಂಯೋಜಕ, ತಾಲೂಕು ಆರೋಗ್ಯಾಧಿಕಾರಿ ಕಚೇರಿಯ ಸಿಬ್ಬಂದಿ, ಪೊಲೀಸ್ ಇಲಾಖೆಯ ಸಿಬ್ಬಂದಿ ಮತ್ತು ಜಿಲ್ಲಾ ಬಾಲಕಾರ್ಮಿಕ ಯೋಜನಾ ಸೊಸೈಟಿಯ ಸಿಬ್ಬಂದಿ ಪ್ರಶಾಂತ್ ಕುಮಾರ್, ಕ್ಷೇತ್ರ ಸಂಪನ್ಮೂಲ ವ್ಯಕ್ತಿ ಕಾರ್ತಿಕ್ ಸೇರಿದಂತೆ ಇತರರು ಭಾಗವಹಿಸಿದ್ದರು.
OWNER , PUBLISHER & PRINTER K. M. REKHA PUBLISHED AT HOSPET TIMES, APOORVA OFFSET PRINTERS , SACHIDANAND LANE , MAIN BAZAR , HOSAPETE , BALLARI & PRINTED AT APOORVA OFFSET PRINTERS ,
SACHIDANAND LANE , MAIN BAZAR , HOSAPETE , BALLARI , EDITOR K. M. REKHA. EMAIL : hospettimes@gmail.com, Mob No 94484 41484.
